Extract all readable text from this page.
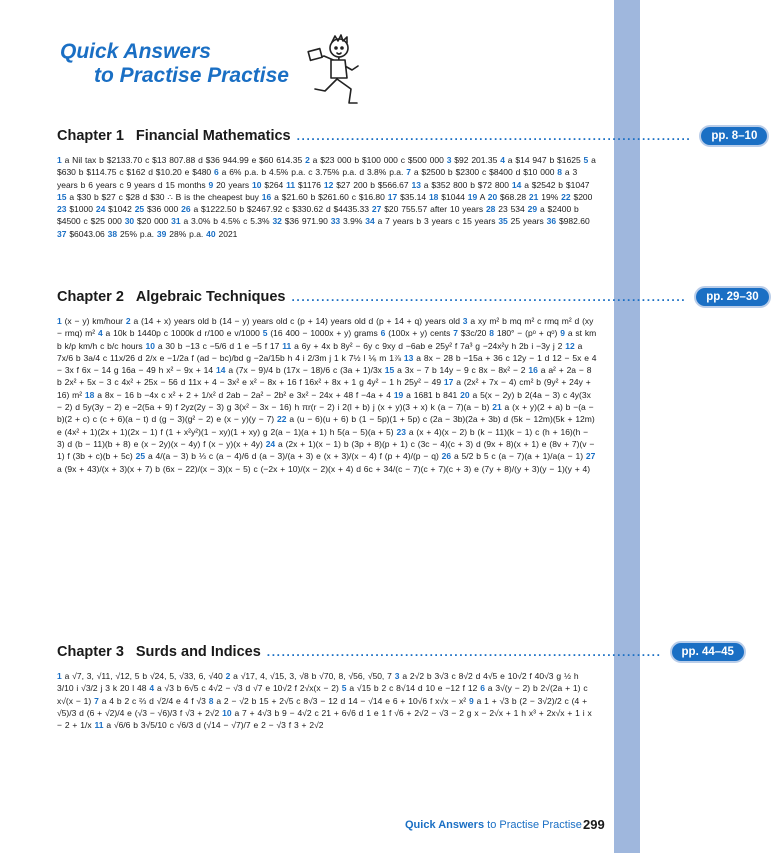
Quick Answers
to Practise Practise
Chapter 1 Financial Mathematics ................................................................................	pp. 8–10
1 a Nil tax b $2133.70 c $13 807.88 d $36 944.99 e $60 614.35 2 a $23 000 b $100 000 c $500 000 3 $92 201.35 4 a $14 947 b $1625 5 a $630 b $114.75 c $162 d $10.20 e $480 6 a 6% p.a. b 4.5% p.a. c 3.75% p.a. d 3.8% p.a. 7 a $2500 b $2300 c $8400 d $10 000 8 a 3 years b 6 years c 9 years d 15 months 9 20 years 10 $264 11 $1176 12 $27 200 b $566.67 13 a $352 800 b $72 800 14 a $2542 b $1047 15 a $30 b $27 c $28 d $30 ∴ B is the cheapest buy 16 a $21.60 b $261.60 c $16.80 17 $35.14 18 $1044 19 A 20 $68.28 21 19% 22 $200 23 $1000 24 $1042 25 $36 000 26 a $1222.50 b $2467.92 c $330.62 d $4435.33 27 $20 755.57 after 10 years 28 23 534 29 a $2400 b $4500 c $25 000 30 $20 000 31 a 3.0% b 4.5% c 5.3% 32 $36 971.90 33 3.9% 34 a 7 years b 3 years c 15 years 35 25 years 36 $982.60 37 $6043.06 38 25% p.a. 39 28% p.a. 40 2021
Chapter 2 Algebraic Techniques ................................................................................	pp. 29–30
1 (x − y) km/hour 2 a (14 + x) years old b (14 − y) years old c (p + 14) years old d (p + 14 + q) years old 3 a xy m² b mq m² c rmq m² d (xy − rmq) m² 4 a 10k b 1440p c 1000k d r/100 e v/1000 5 (16 400 − 1000x + y) grams 6 (100x + y) cents 7 $3c/20 8 180° − (pᵒ + qᵒ) 9 a st km b k/p km/h c b/c hours 10 a 30 b −13 c −5/6 d 1 e −5 f 17 11 a 6y + 4x b 8y² − 6y c 9xy d −6ab e 25y² f 7a³ g −24x²y h 2b i −3y j 2 12 a 7x/6 b 3a/4 c 11x/26 d 2/x e −1/2a f (ad − bc)/bd g −2a/15b h 4 i 2/3m j 1 k 7½ l ⅙ m 1⅞ 13 a 8x − 28 b −15a + 36 c 12y − 1 d 12 − 5x e 4 − 3x f 6x − 14 g 16a − 49 h x² − 9x + 14 14 a (7x − 9)/4 b (17x − 18)/6 c (3a + 1)/3x 15 a 3x − 7 b 14y − 9 c 8x − 8x² − 2 16 a a² + 2a − 8 b 2x² + 5x − 3 c 4x² + 25x − 56 d 11x + 4 − 3x² e x² − 8x + 16 f 16x² + 8x + 1 g 4y² − 1 h 25y² − 49 17 a (2x² + 7x − 4) cm² b (9y² + 24y + 16) m² 18 a 8x − 16 b −4x c x² + 2 + 1/x² d 2ab − 2a² − 2b² e 3x² − 24x + 48 f −4a + 4 19 a 1681 b 841 20 a 5(x − 2y) b 2(4a − 3) c 4y(3x − 2) d 5y(3y − 2) e −2(5a + 9) f 2yz(2y − 3) g 3(x² − 3x − 16) h πr(r − 2) i 2(l + b) j (x + y)(3 + x) k (a − 7)(a − b) 21 a (x + y)(2 + a) b −(a − b)(2 + c) c (c + 6)(a − t) d (g − 3)(g² − 2) e (x − y)(y − 7) 22 a (u − 6)(u + 6) b (1 − 5p)(1 + 5p) c (2a − 3b)(2a + 3b) d (5k − 12m)(5k + 12m) e (4x² + 1)(2x + 1)(2x − 1) f (1 + x²y²)(1 − xy)(1 + xy) g 2(a − 1)(a + 1) h 5(a − 5)(a + 5) 23 a (x + 4)(x − 2) b (k − 11)(k − 1) c (h + 16)(h − 3) d (b − 11)(b + 8) e (x − 2y)(x − 4y) f (x − y)(x + 4y) 24 a (2x + 1)(x − 1) b (3p + 8)(p + 1) c (3c − 4)(c + 3) d (9x + 8)(x + 1) e (8v + 7)(v − 1) f (3b + c)(b + 5c) 25 a 4/(a − 3) b ⅓ c (a − 4)/6 d (a − 3)/(a + 3) e (x + 3)/(x − 4) f (p + 4)/(p − q) 26 a 5/2 b 5 c (a − 7)(a + 1)/a(a − 1) 27 a (9x + 43)/(x + 3)(x + 7) b (6x − 22)/(x − 3)(x − 5) c (−2x + 10)/(x − 2)(x + 4) d 6c + 34/(c − 7)(c + 7)(c + 3) e (7y + 8)/(y + 3)(y − 1)(y + 4)
Chapter 3 Surds and Indices ................................................................................	pp. 44–45
1 a √7, 3, √11, √12, 5 b √24, 5, √33, 6, √40 2 a √17, 4, √15, 3, √8 b √70, 8, √56, √50, 7 3 a 2√2 b 3√3 c 8√2 d 4√5 e 10√2 f 40√3 g ½ h 3/10 i √3/2 j 3 k 20 l 48 4 a √3 b 6√5 c 4√2 − √3 d √7 e 10√2 f 2√x(x − 2) 5 a √15 b 2 c 8√14 d 10 e −12 f 12 6 a 3√(y − 2) b 2√(2a + 1) c x√(x − 1) 7 a 4 b 2 c ⅔ d √2/4 e 4 f √3 8 a 2 − √2 b 15 + 2√5 c 8√3 − 12 d 14 − √14 e 6 + 10√6 f x√x − x² 9 a 1 + √3 b (2 − 3√2)/2 c (4 + √5)/3 d (6 + √2)/4 e (√3 − √6)/3 f √3 + 2√2 10 a 7 + 4√3 b 9 − 4√2 c 21 + 6√6 d 1 e 1 f √6 + 2√2 − √3 − 2 g x − 2√x + 1 h x³ + 2x√x + 1 i x − 2 + 1/x 11 a √6/6 b 3√5/10 c √6/3 d (√14 − √7)/7 e 2 − √3 f 3 + 2√2
Quick Answers to Practise Practise 299
